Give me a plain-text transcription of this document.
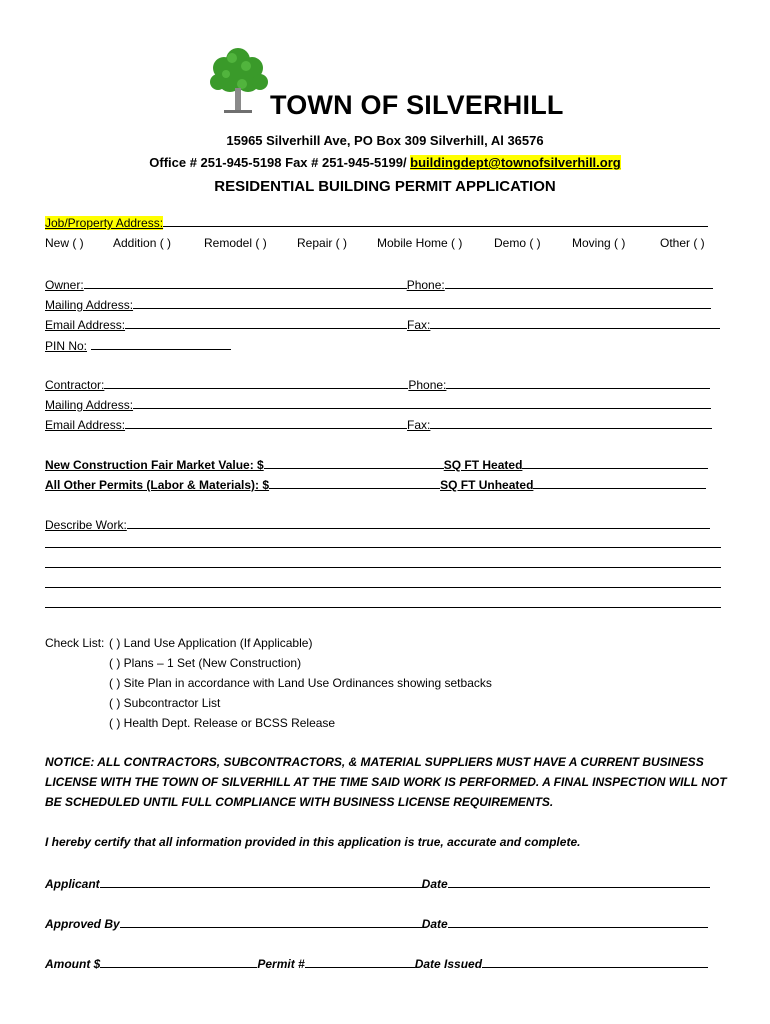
TOWN OF SILVERHILL
15965 Silverhill Ave, PO Box 309 Silverhill, Al 36576
Office # 251-945-5198 Fax # 251-945-5199/ buildingdept@townofsilverhill.org
RESIDENTIAL BUILDING PERMIT APPLICATION
Job/Property Address:
New ( ) Addition ( )	Remodel ( )	Repair ( ) Mobile Home ( )	Demo ( )	Moving ( )	Other ( )
Owner:	Phone:
Mailing Address:
Email Address:	Fax:
PIN No:
Contractor:	Phone:
Mailing Address:
Email Address:	Fax:
New Construction Fair Market Value: $	SQ FT Heated
All Other Permits (Labor & Materials): $	SQ FT Unheated
Describe Work:
Check List: ( ) Land Use Application (If Applicable)
( ) Plans – 1 Set (New Construction)
( ) Site Plan in accordance with Land Use Ordinances showing setbacks
( ) Subcontractor List
( ) Health Dept. Release or BCSS Release
NOTICE: ALL CONTRACTORS, SUBCONTRACTORS, & MATERIAL SUPPLIERS MUST HAVE A CURRENT BUSINESS LICENSE WITH THE TOWN OF SILVERHILL AT THE TIME SAID WORK IS PERFORMED. A FINAL INSPECTION WILL NOT BE SCHEDULED UNTIL FULL COMPLIANCE WITH BUSINESS LICENSE REQUIREMENTS.
I hereby certify that all information provided in this application is true, accurate and complete.
Applicant	Date
Approved By	Date
Amount $	Permit #	Date Issued
